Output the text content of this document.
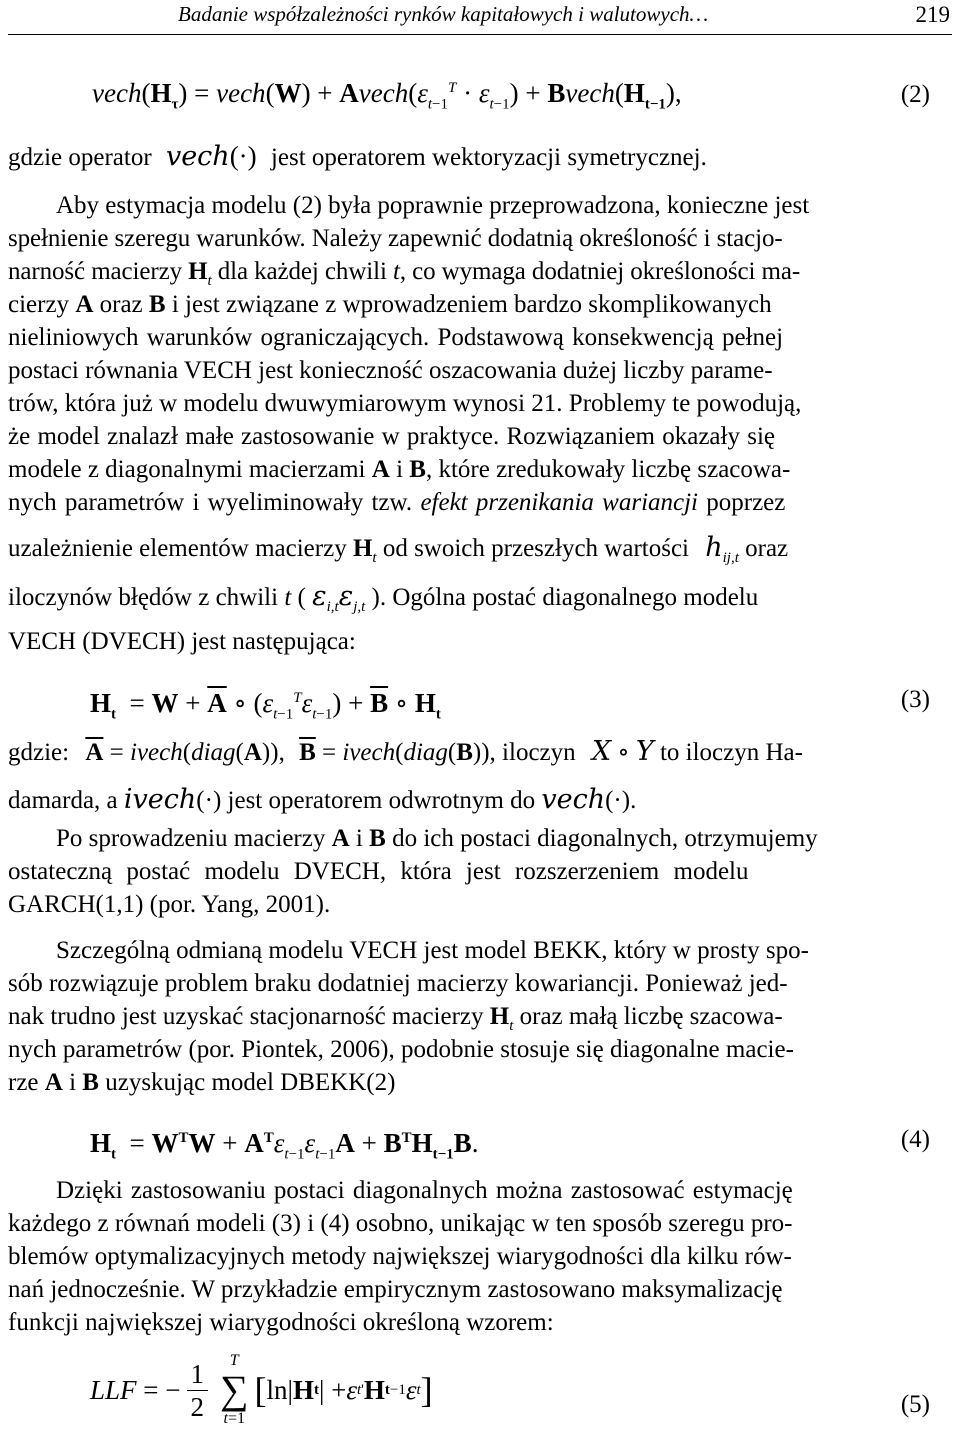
Badanie współzależności rynków kapitałowych i walutowych…	219
$vech(H_\tau)$ = vech(W) + $Avech(\varepsilon_{t-1}^T \cdot \varepsilon_{t-1})$ + $Bvech(H_{t-1})$,	(2)
gdzie operator vech(·) jest operatorem wektoryzacji symetrycznej.
Aby estymacja modelu (2) była poprawnie przeprowadzona, konieczne jest
spełnienie szeregu warunków. Należy zapewnić dodatnią określoność i stacjo-
narność macierzy $H_t$ dla każdej chwili t, co wymaga dodatniej określoności ma-
cierzy A oraz B i jest związane z wprowadzeniem bardzo skomplikowanych
nieliniowych warunków ograniczających. Podstawową konsekwencją pełnej
postaci równania VECH jest konieczność oszacowania dużej liczby parame-
trów, która już w modelu dwuwymiarowym wynosi 21. Problemy te powodują,
że model znalazł małe zastosowanie w praktyce. Rozwiązaniem okazały się
modele z diagonalnymi macierzami A i B, które zredukowały liczbę szacowa-
nych parametrów i wyeliminowały tzw. efekt przenikania wariancji poprzez
uzależnienie elementów macierzy $H_t$ od swoich przeszłych wartości $h_{ij,t}$ oraz
iloczynów błędów z chwili t ( $\varepsilon_{i,t}\varepsilon_{j,t}$ ). Ogólna postać diagonalnego modelu
VECH (DVECH) jest następująca:
$H_t = W + \overline{A}$ ∘ $(\varepsilon_{t-1}^T\varepsilon_{t-1}) + \overline{B}$ ∘ $H_t$
(3)
gdzie: $\overline{A}$ = ivech(diag(A)), $\overline{B}$ = ivech(diag(B)), iloczyn X ∘ Y to iloczyn Ha-
damarda, a ivech(·) jest operatorem odwrotnym do vech(·).
Po sprowadzeniu macierzy A i B do ich postaci diagonalnych, otrzymujemy
ostateczną postać modelu DVECH, która jest rozszerzeniem modelu
GARCH(1,1) (por. Yang, 2001).
Szczególną odmianą modelu VECH jest model BEKK, który w prosty spo-
sób rozwiązuje problem braku dodatniej macierzy kowariancji. Ponieważ jed-
nak trudno jest uzyskać stacjonarność macierzy $H_t$ oraz małą liczbę szacowa-
nych parametrów (por. Piontek, 2006), podobnie stosuje się diagonalne macie-
rze A i B uzyskując model DBEKK(2)
$H_t = W^TW + A^T\varepsilon_{t-1}\varepsilon_{t-1}A + B^TH_{t-1}B$.	(4)
Dzięki zastosowaniu postaci diagonalnych można zastosować estymację
każdego z równań modeli (3) i (4) osobno, unikając w ten sposób szeregu pro-
blemów optymalizacyjnych metody największej wiarygodności dla kilku rów-
nań jednocześnie. W przykładzie empirycznym zastosowano maksymalizację
funkcji największej wiarygodności określoną wzorem:
LLF = −
1
2
T
∑
t=1
[ ln| H t | + ε t ' H t −1 ε t ]	(5)
